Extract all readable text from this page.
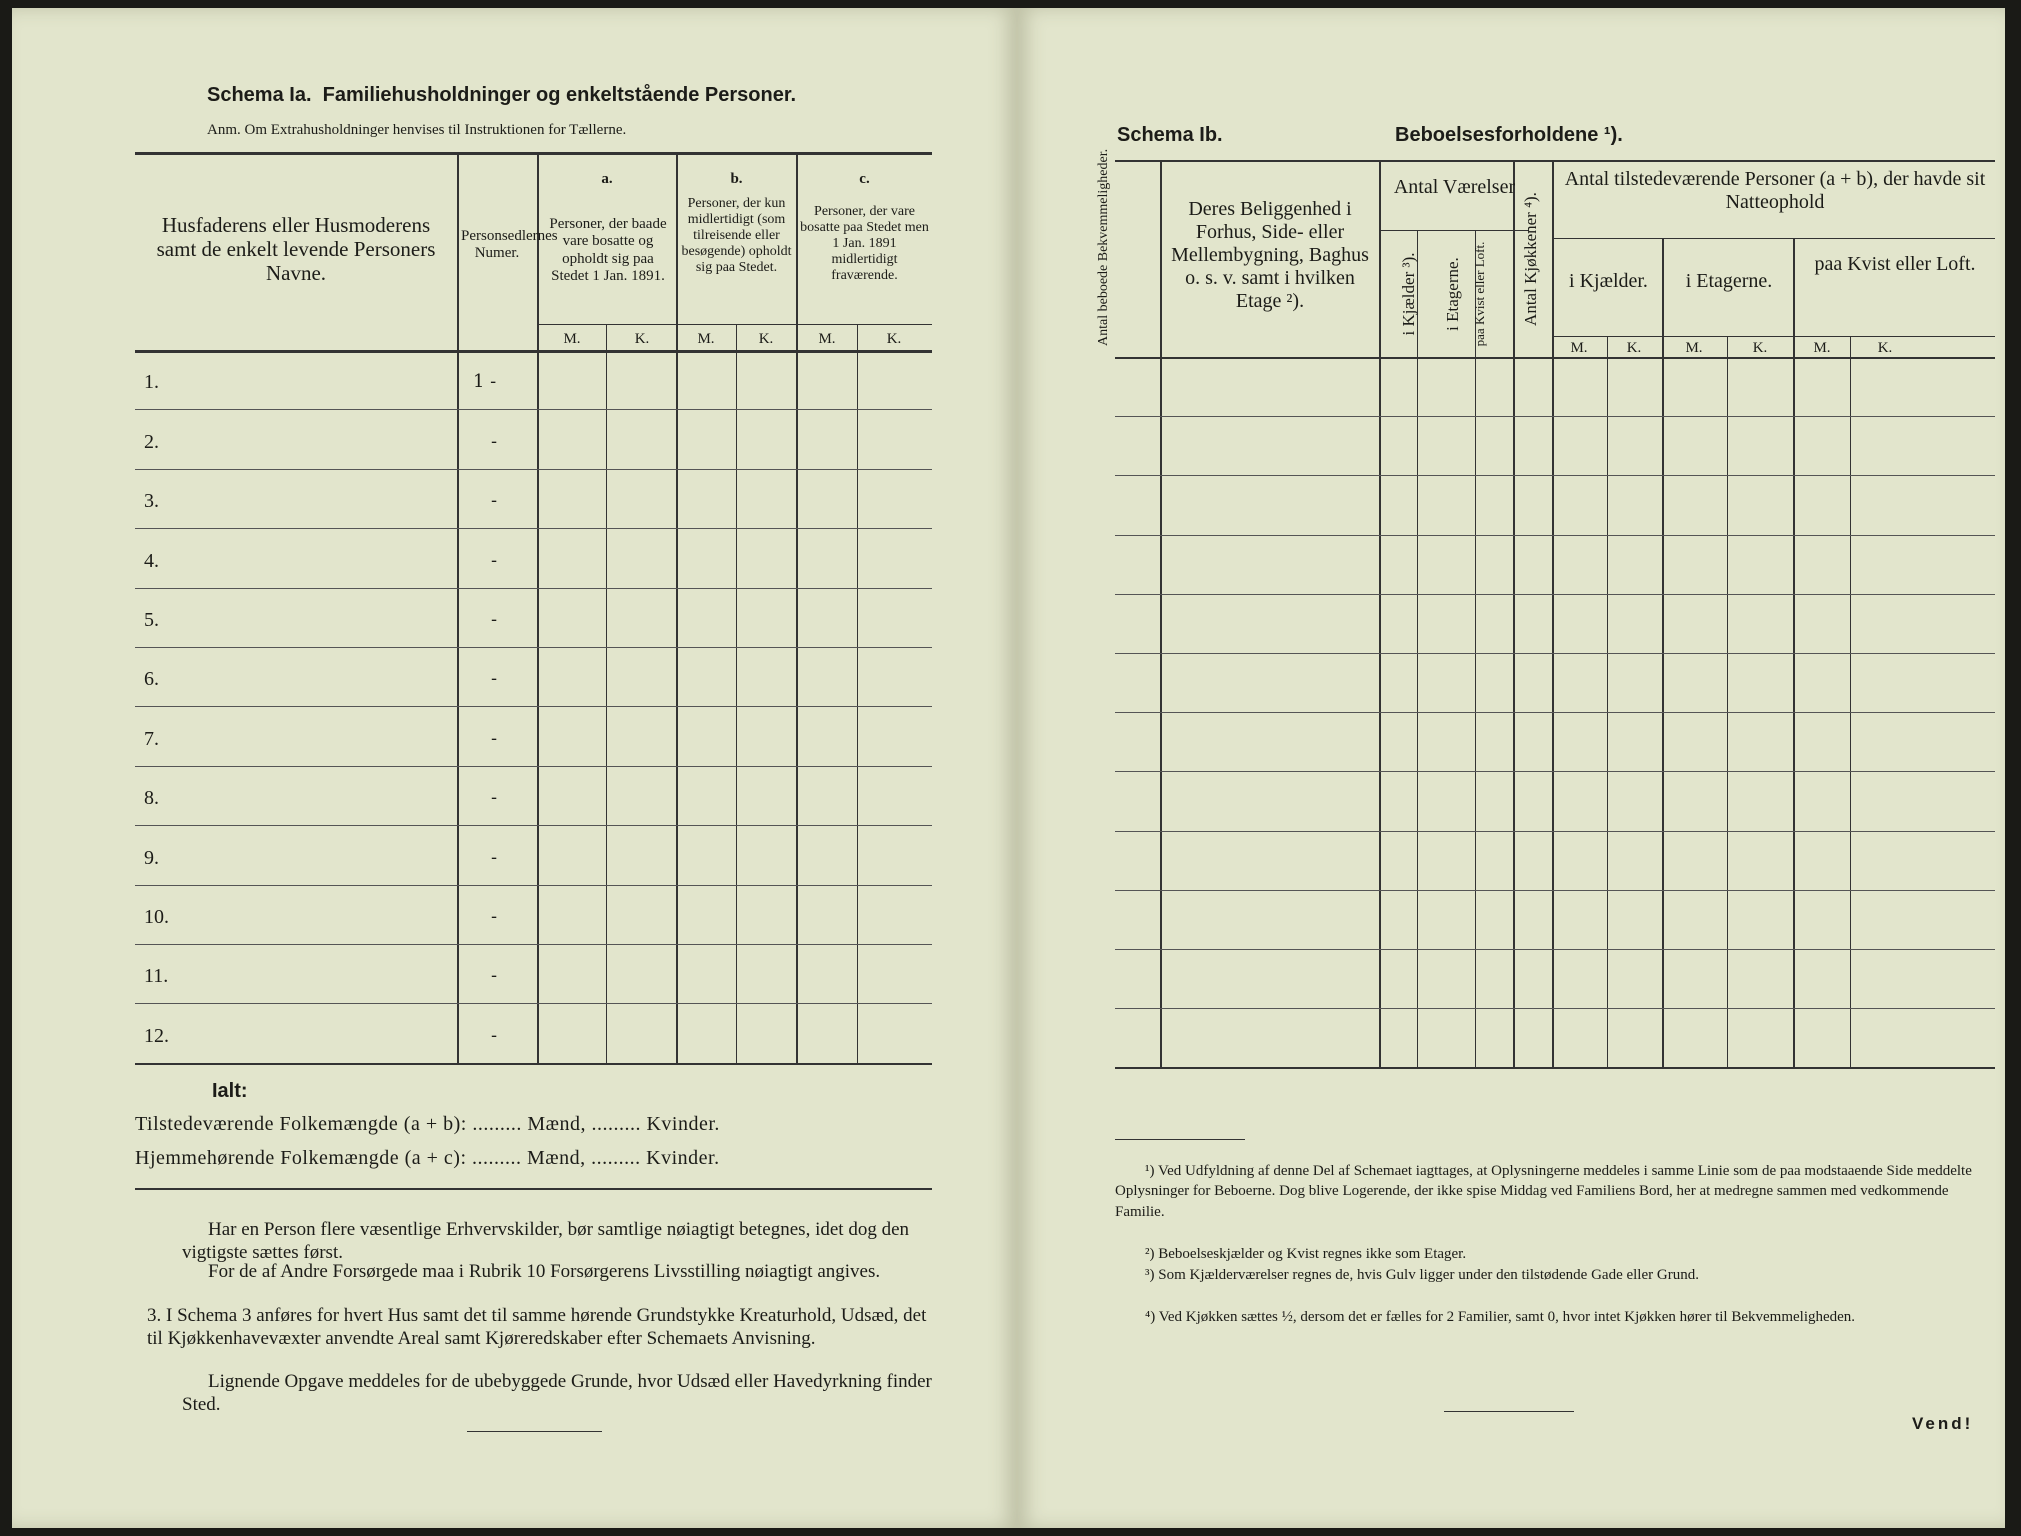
Schema Ia. Familiehusholdninger og enkeltstående Personer.
Anm. Om Extrahusholdninger henvises til Instruktionen for Tællerne.
Husfaderens eller Husmoderens samt de enkelt levende Personers Navne.
Personsedlernes Numer.
a.
Personer, der baade vare bosatte og opholdt sig paa Stedet 1 Jan. 1891.
b.
Personer, der kun midlertidigt (som tilreisende eller besøgende) opholdt sig paa Stedet.
c.
Personer, der vare bosatte paa Stedet men 1 Jan. 1891 midlertidigt fraværende.
M.	K.	M.	K.	M.	K.
1.	1 -
2.	-
3.	-
4.	-
5.	-
6.	-
7.	-
8.	-
9.	-
10.	-
11.	-
12.	-
Ialt:
Tilstedeværende Folkemængde (a + b): ......... Mænd, ......... Kvinder.
Hjemmehørende Folkemængde (a + c): ......... Mænd, ......... Kvinder.
Har en Person flere væsentlige Erhvervskilder, bør samtlige nøiagtigt betegnes, idet dog den vigtigste sættes først.
For de af Andre Forsørgede maa i Rubrik 10 Forsørgerens Livsstilling nøiagtigt angives.
3. I Schema 3 anføres for hvert Hus samt det til samme hørende Grundstykke Kreaturhold, Udsæd, det til Kjøkkenhavevæxter anvendte Areal samt Kjøreredskaber efter Schemaets Anvisning.
Lignende Opgave meddeles for de ubebyggede Grunde, hvor Udsæd eller Havedyrkning finder Sted.
Schema Ib.	Beboelsesforholdene ¹).
Antal beboede Bekvemmeligheder.	Deres Beliggenhed i Forhus, Side- eller Mellembygning, Baghus o. s. v. samt i hvilken Etage ²).
Antal Værelser
i Kjælder ³). i Etagerne. paa Kvist eller Loft.	Antal Kjøkkener ⁴).
Antal tilstedeværende Personer (a + b), der havde sit Natteophold
i Kjælder.	i Etagerne.
paa Kvist eller Loft.
M.	K.	M.	K.	M.	K.
¹) Ved Udfyldning af denne Del af Schemaet iagttages, at Oplysningerne meddeles i samme Linie som de paa modstaaende Side meddelte Oplysninger for Beboerne. Dog blive Logerende, der ikke spise Middag ved Familiens Bord, her at medregne sammen med vedkommende Familie.
²) Beboelseskjælder og Kvist regnes ikke som Etager.
³) Som Kjælderværelser regnes de, hvis Gulv ligger under den tilstødende Gade eller Grund.
⁴) Ved Kjøkken sættes ½, dersom det er fælles for 2 Familier, samt 0, hvor intet Kjøkken hører til Bekvemmeligheden.
Vend!
